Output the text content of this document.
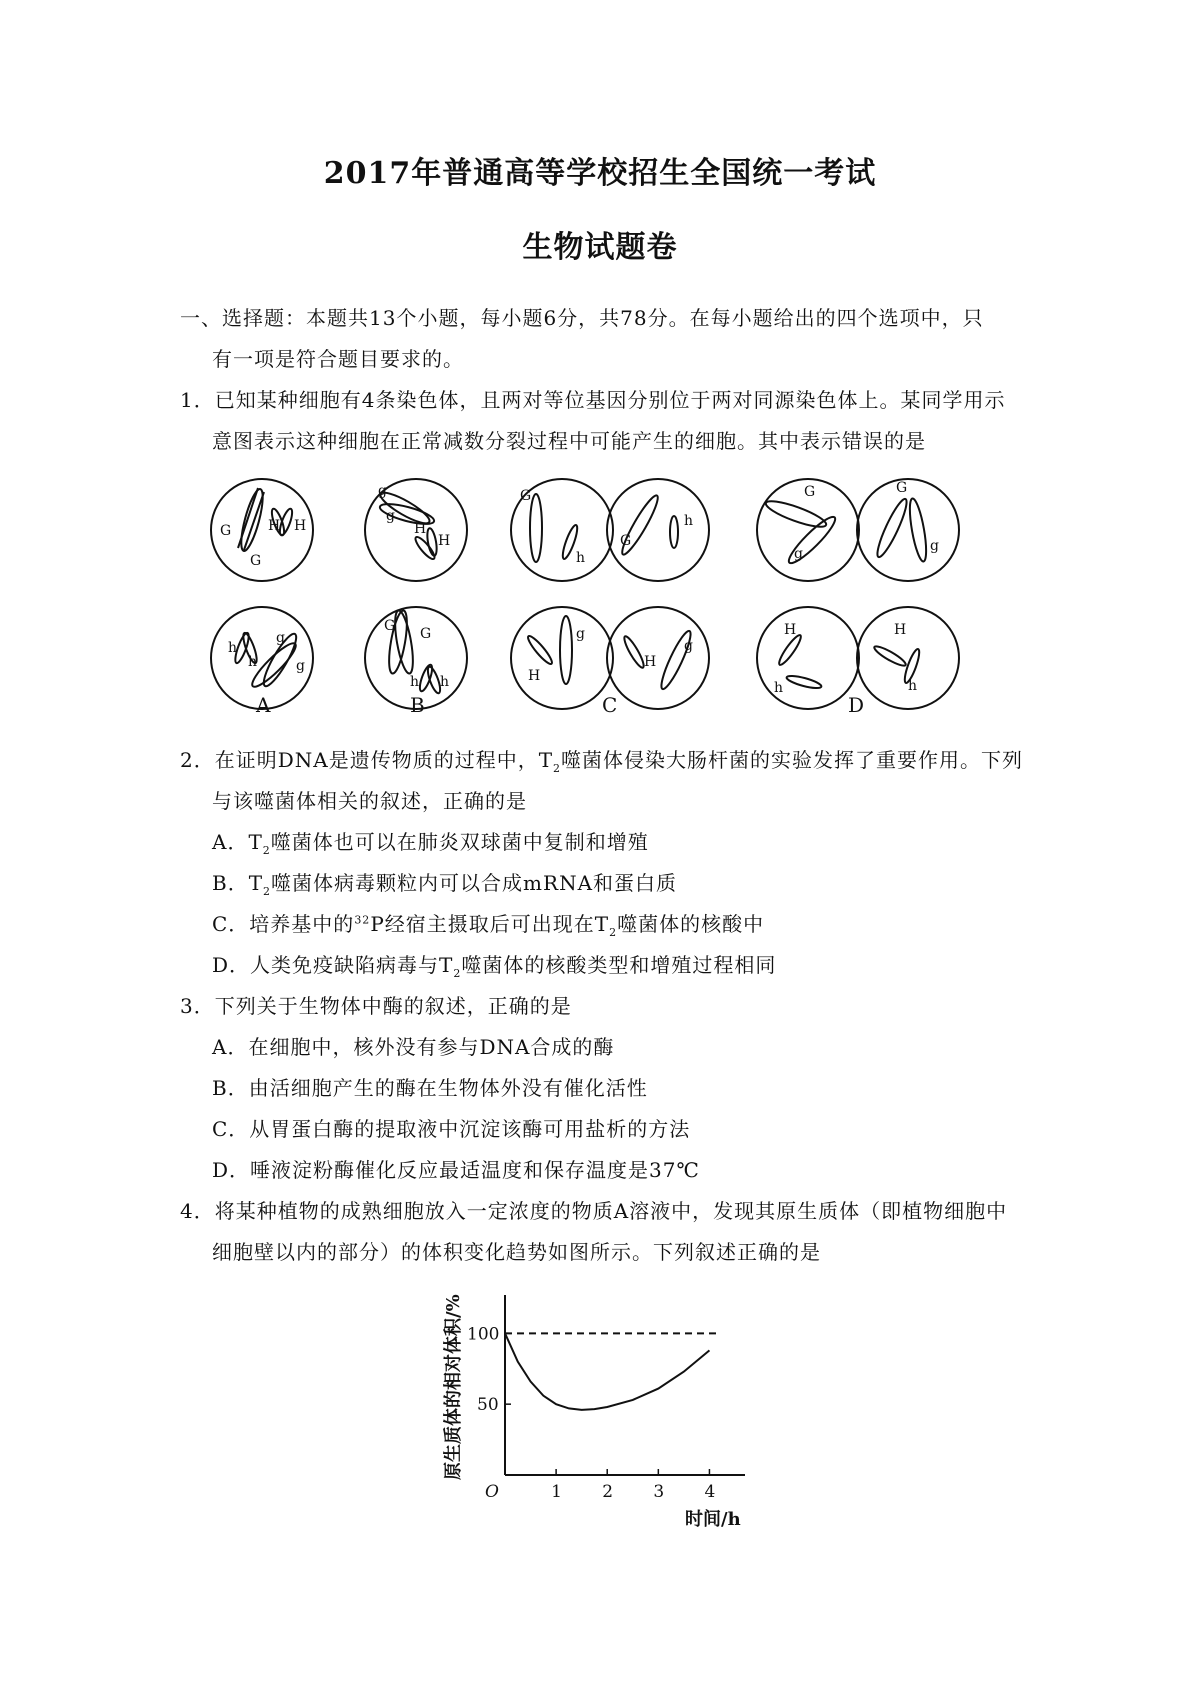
2017年普通高等学校招生全国统一考试
生物试题卷
一、选择题：本题共13个小题，每小题6分，共78分。在每小题给出的四个选项中，只
有一项是符合题目要求的。
1．已知某种细胞有4条染色体，且两对等位基因分别位于两对同源染色体上。某同学用示
意图表示这种细胞在正常减数分裂过程中可能产生的细胞。其中表示错误的是
G
G
H H
h
h
g
g
g
g
H
H
G G
h h
G
h
G
h
H
g
H
g
G
g
G
g
H
h
H
h
A	B	C	D
2．在证明DNA是遗传物质的过程中，$T_2$噬菌体侵染大肠杆菌的实验发挥了重要作用。下列
与该噬菌体相关的叙述，正确的是
A．$T_2$噬菌体也可以在肺炎双球菌中复制和增殖
B．$T_2$噬菌体病毒颗粒内可以合成mRNA和蛋白质
C．培养基中的$^{32}$P经宿主摄取后可出现在$T_2$噬菌体的核酸中
D．人类免疫缺陷病毒与$T_2$噬菌体的核酸类型和增殖过程相同
3．下列关于生物体中酶的叙述，正确的是
A．在细胞中，核外没有参与DNA合成的酶
B．由活细胞产生的酶在生物体外没有催化活性
C．从胃蛋白酶的提取液中沉淀该酶可用盐析的方法
D．唾液淀粉酶催化反应最适温度和保存温度是37℃
4．将某种植物的成熟细胞放入一定浓度的物质A溶液中，发现其原生质体（即植物细胞中
细胞壁以内的部分）的体积变化趋势如图所示。下列叙述正确的是
1 2 3 4
50
100
O
时间/h
原生质体的相对体积/%
